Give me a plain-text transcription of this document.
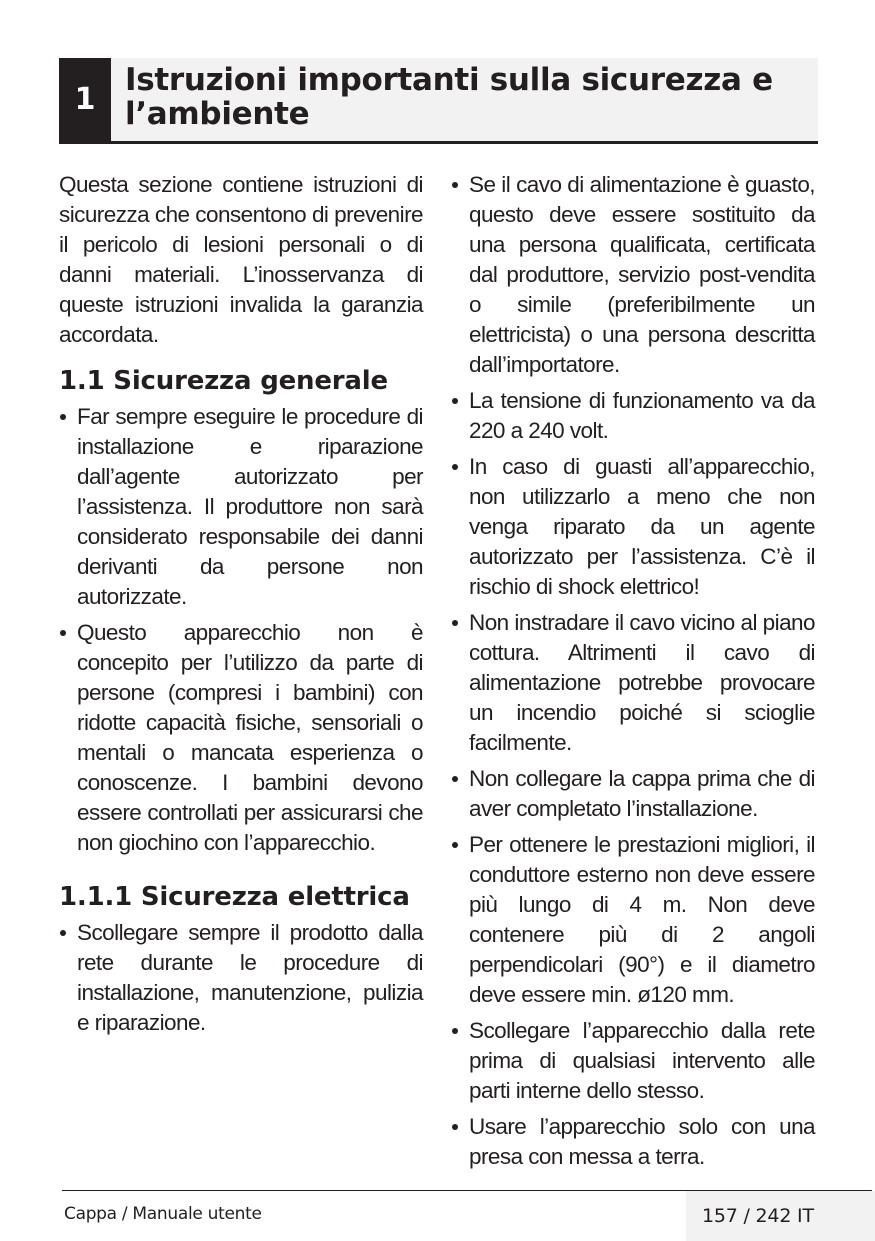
1
Istruzioni importanti sulla sicurezza e l’ambiente

Questa sezione contiene istruzioni di sicurezza che consentono di prevenire il pericolo di lesioni personali o di danni materiali. L’inosservanza di queste istruzioni invalida la garanzia accordata.

1.1 Sicurezza generale
Far sempre eseguire le procedure di installazione e riparazione dall’agente autorizzato per l’assistenza. Il produttore non sarà considerato responsabile dei danni derivanti da persone non autorizzate.
Questo apparecchio non è concepito per l’utilizzo da parte di persone (compresi i bambini) con ridotte capacità fisiche, sensoriali o mentali o mancata esperienza o conoscenze. I bambini devono essere controllati per assicurarsi che non giochino con l’apparecchio.
1.1.1 Sicurezza elettrica
Scollegare sempre il prodotto dalla rete durante le procedure di installazione, manutenzione, pulizia e riparazione.
Se il cavo di alimentazione è guasto, questo deve essere sostituito da una persona qualificata, certificata dal produttore, servizio post-vendita o simile (preferibilmente un elettricista) o una persona descritta dall’importatore.
La tensione di funzionamento va da 220 a 240 volt.
In caso di guasti all’apparecchio, non utilizzarlo a meno che non venga riparato da un agente autorizzato per l’assistenza. C’è il rischio di shock elettrico!
Non instradare il cavo vicino al piano cottura. Altrimenti il cavo di alimentazione potrebbe provocare un incendio poiché si scioglie facilmente.
Non collegare la cappa prima che di aver completato l’installazione.
Per ottenere le prestazioni migliori, il conduttore esterno non deve essere più lungo di 4 m. Non deve contenere più di 2 angoli perpendicolari (90°) e il diametro deve essere min. ø120 mm.
Scollegare l’apparecchio dalla rete prima di qualsiasi intervento alle parti interne dello stesso.
Usare l’apparecchio solo con una presa con messa a terra.
Cappa / Manuale utente	157 / 242 IT
